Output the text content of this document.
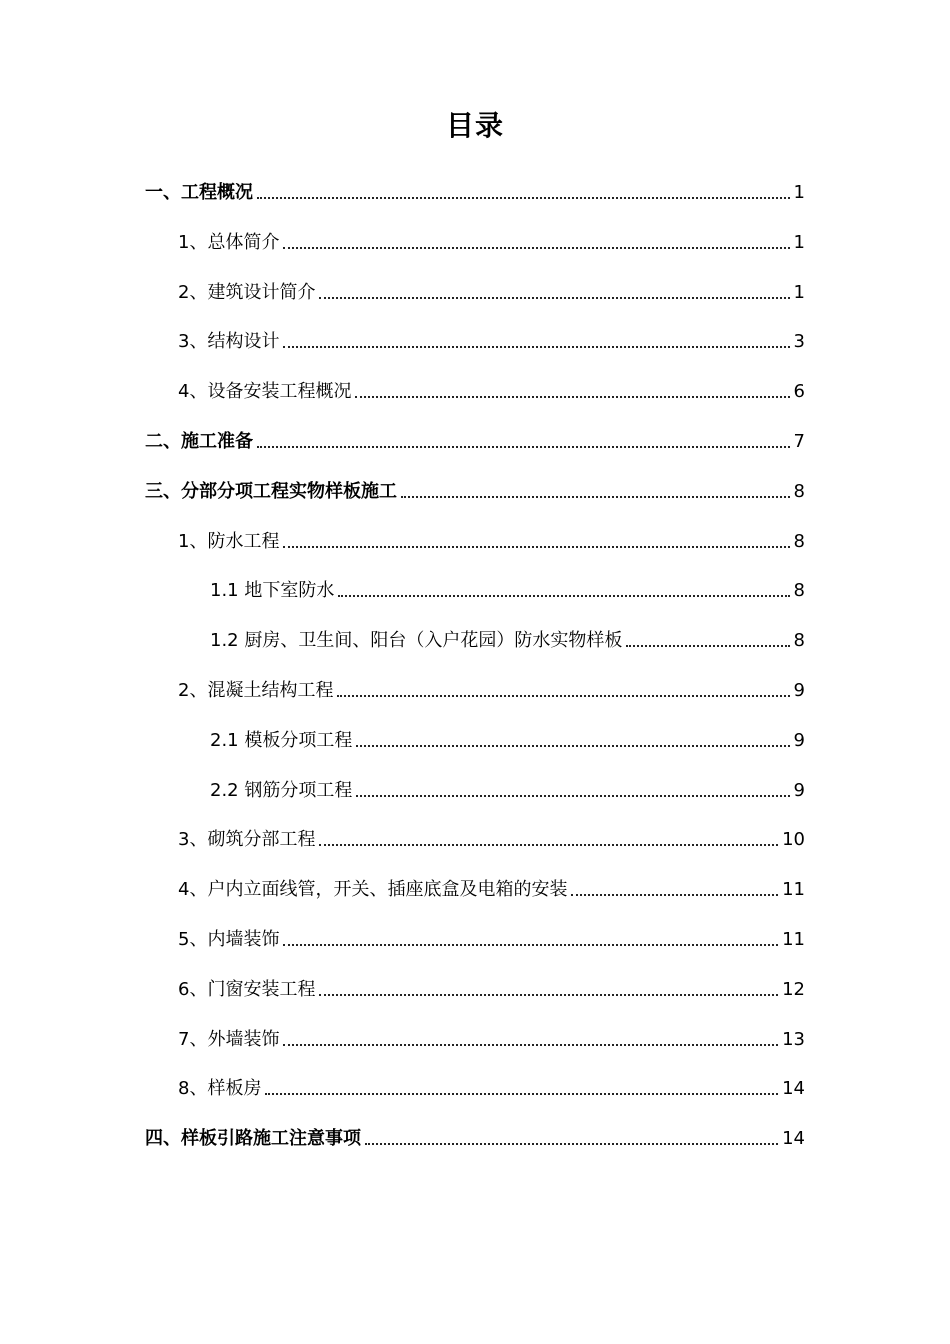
目录
一、工程概况	1
1、总体简介	1
2、建筑设计简介	1
3、结构设计	3
4、设备安装工程概况	6
二、施工准备	7
三、分部分项工程实物样板施工	8
1、防水工程	8
1.1 地下室防水	8
1.2 厨房、卫生间、阳台（入户花园）防水实物样板	8
2、混凝土结构工程	9
2.1 模板分项工程	9
2.2 钢筋分项工程	9
3、砌筑分部工程	10
4、户内立面线管，开关、插座底盒及电箱的安装	11
5、内墙装饰	11
6、门窗安装工程	12
7、外墙装饰	13
8、样板房	14
四、样板引路施工注意事项	14
